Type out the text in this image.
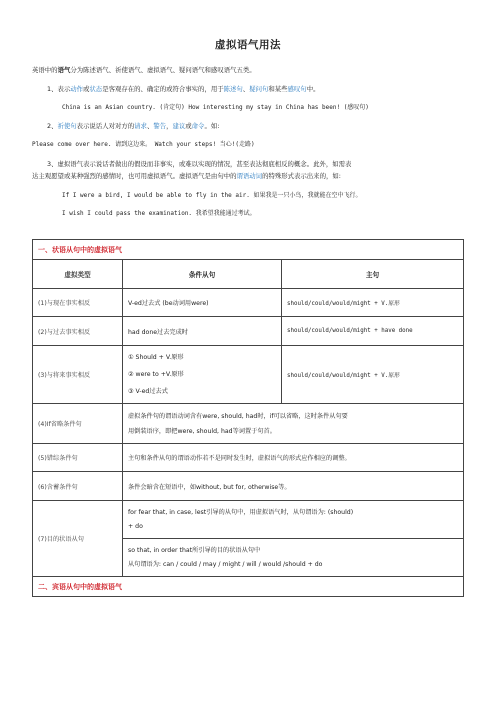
虚拟语气用法
英语中的语气分为陈述语气、祈使语气、虚拟语气、疑问语气和感叹语气五类。
1、表示动作或状态是客观存在的、确定的或符合事实的，用于陈述句、疑问句和某些感叹句中。
China is an Asian country. (肯定句) How interesting my stay in China has been! (感叹句)
2、祈使句表示说话人对对方的请求、警告，建议或命令。如:
Please come over here. 请到这边来。 Watch your steps! 当心!(走路)
3、虚拟语气表示说话者做出的假设而非事实，或难以实现的情况，甚至表达彻底相反的概念。此外，如需表
达主观愿望或某种强烈的感情时，也可用虚拟语气。虚拟语气是由句中的谓语动词的特殊形式表示出来的，如:
If I were a bird, I would be able to fly in the air. 如果我是一只小鸟，我就能在空中飞行。
I wish I could pass the examination. 我希望我能通过考试。
一、状语从句中的虚拟语气		
虚拟类型	条件从句	主句
(1)与现在事实相反	V-ed过去式 (be动词用were)	should/could/would/might + V.原形
(2)与过去事实相反	had done过去完成时	should/could/would/might + have done
(3)与将来事实相反	① Should + V.原形
② were to +V.原形
③ V-ed过去式	should/could/would/might + V.原形
(4)If省略条件句	虚拟条件句的谓语动词含有were, should, had时，if可以省略，这时条件从句要
用倒装语序，即把were, should, had等词置于句首。	

(5)错综条件句	主句和条件从句的谓语动作若不是同时发生时，虚拟语气的形式应作相应的调整。	
(6)含蓄条件句	条件会暗含在短语中，如without, but for, otherwise等。	
(7)目的状语从句	for fear that, in case, lest引导的从句中，用虚拟语气时，从句谓语为: (should)
+ do	

	so that, in order that所引导的目的状语从句中
从句谓语为: can / could / may / might / will / would /should + do	

二、宾语从句中的虚拟语气		
